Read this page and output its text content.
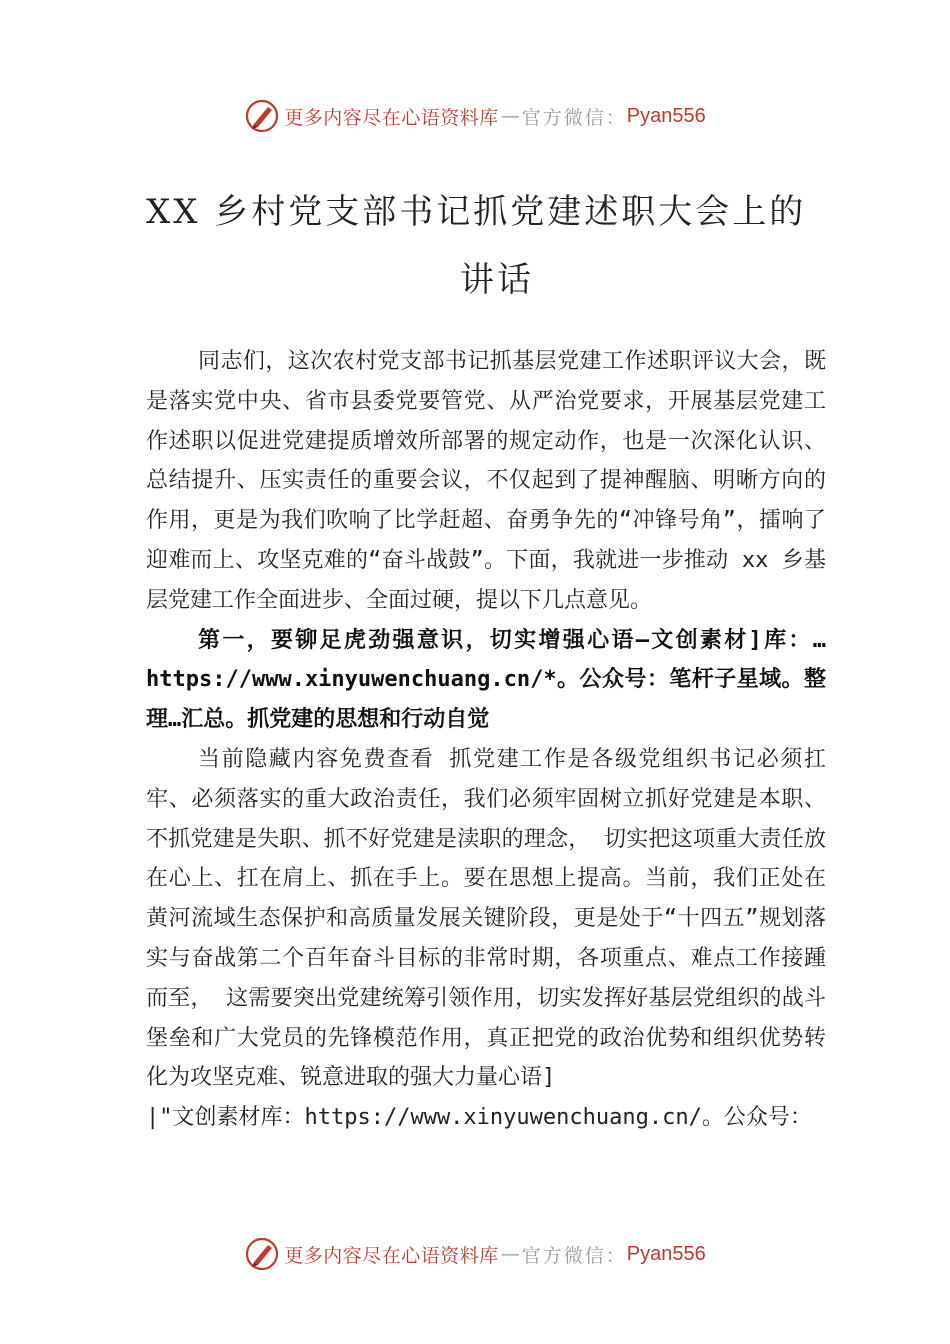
更多内容尽在心语资料库 — 官方微信： Pyan556
XX 乡村党支部书记抓党建述职大会上的
讲话

同志们，这次农村党支部书记抓基层党建工作述职评议大会，既是落实党中央、省市县委党要管党、从严治党要求，开展基层党建工作述职以促进党建提质增效所部署的规定动作，也是一次深化认识、总结提升、压实责任的重要会议，不仅起到了提神醒脑、明晰方向的作用，更是为我们吹响了比学赶超、奋勇争先的“冲锋号角”，擂响了迎难而上、攻坚克难的“奋斗战鼓”。下面，我就进一步推动 xx 乡基层党建工作全面进步、全面过硬，提以下几点意见。

第一，要铆足虎劲强意识，切实增强心语—文创素材]库：…https://www.xinyuwenchuang.cn/*。公众号：笔杆子星域。整理…汇总。抓党建的思想和行动自觉

当前隐藏内容免费查看 抓党建工作是各级党组织书记必须扛牢、必须落实的重大政治责任，我们必须牢固树立抓好党建是本职、不抓党建是失职、抓不好党建是渎职的理念， 切实把这项重大责任放在心上、扛在肩上、抓在手上。要在思想上提高。当前，我们正处在黄河流域生态保护和高质量发展关键阶段，更是处于“十四五”规划落实与奋战第二个百年奋斗目标的非常时期，各项重点、难点工作接踵而至， 这需要突出党建统筹引领作用，切实发挥好基层党组织的战斗堡垒和广大党员的先锋模范作用，真正把党的政治优势和组织优势转化为攻坚克难、锐意进取的强大力量心语]

|"文创素材库：https://www.xinyuwenchuang.cn/。公众号：

更多内容尽在心语资料库 — 官方微信： Pyan556
